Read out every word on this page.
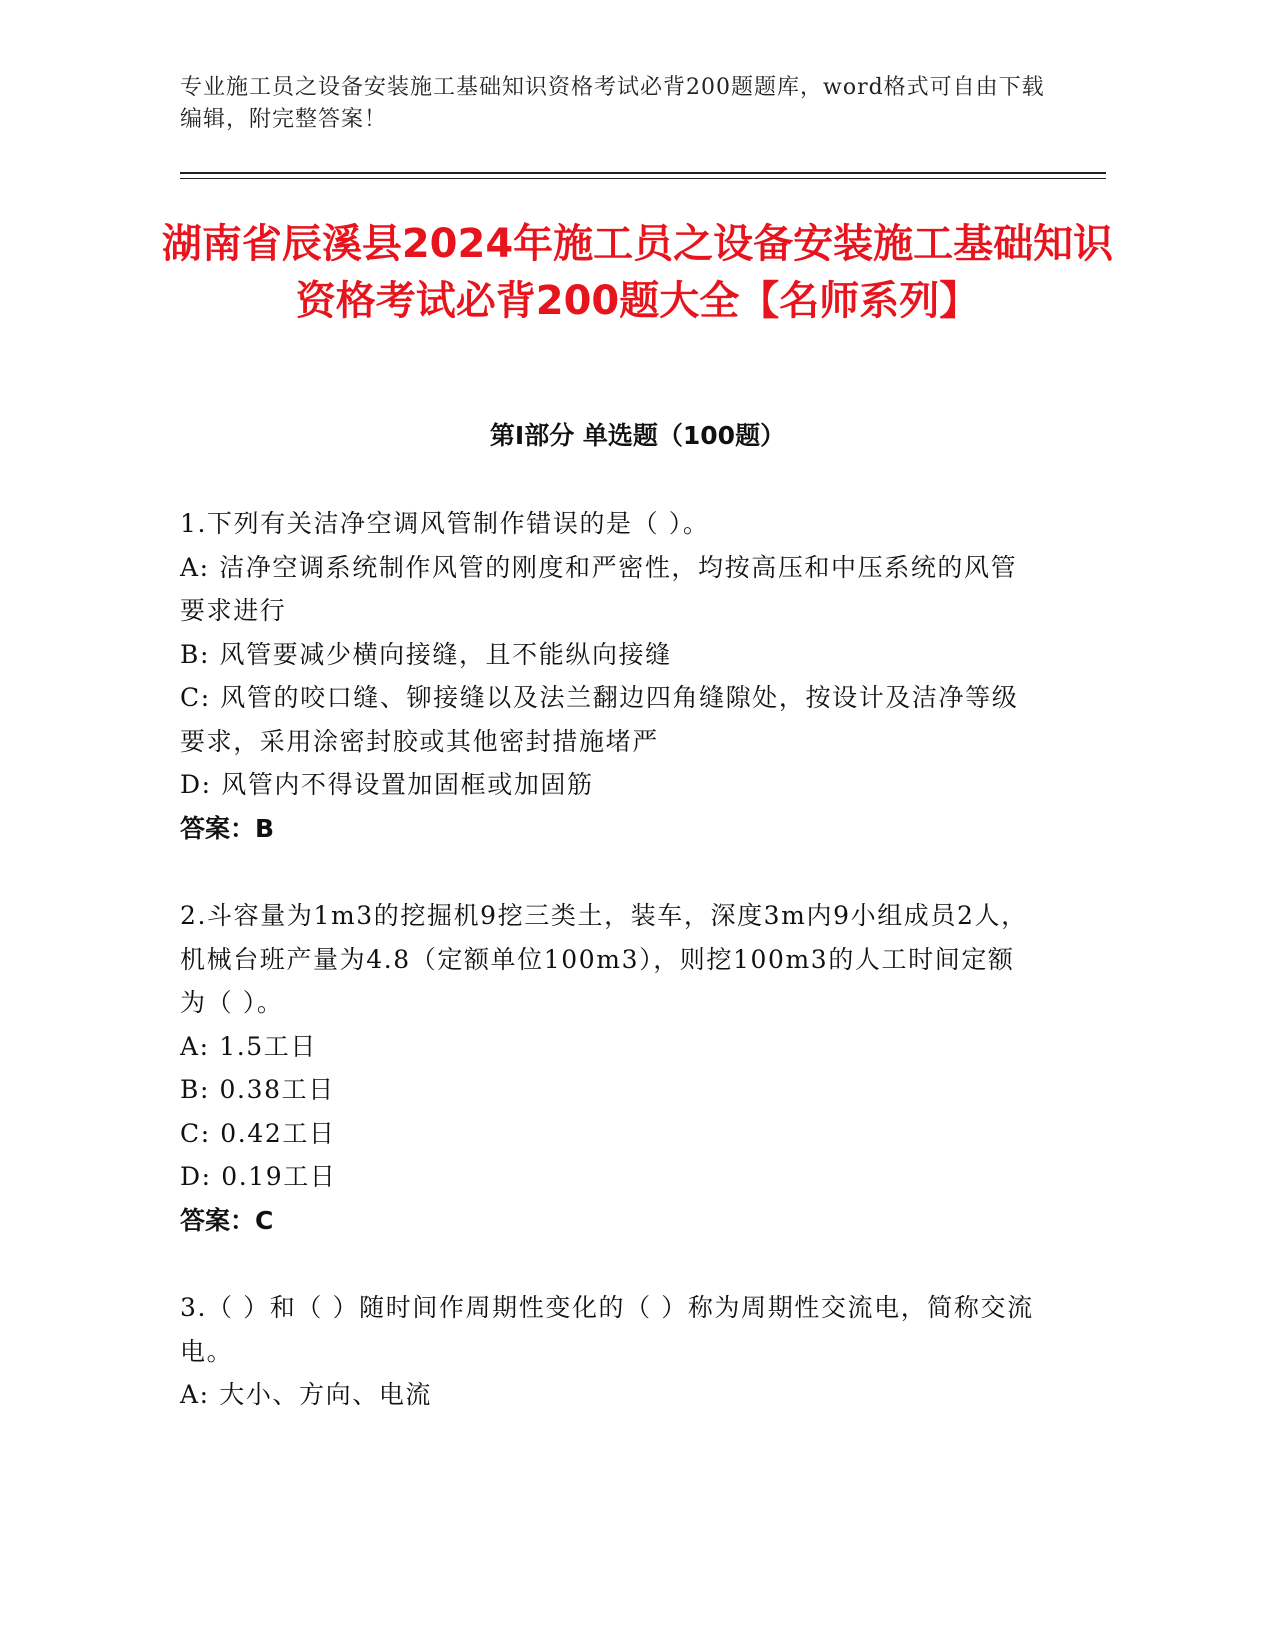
专业施工员之设备安装施工基础知识资格考试必背200题题库，word格式可自由下载编辑，附完整答案！
湖南省辰溪县2024年施工员之设备安装施工基础知识资格考试必背200题大全【名师系列】
第Ⅰ部分 单选题（100题）
1.下列有关洁净空调风管制作错误的是（ ）。
A: 洁净空调系统制作风管的刚度和严密性，均按高压和中压系统的风管要求进行
B: 风管要减少横向接缝，且不能纵向接缝
C: 风管的咬口缝、铆接缝以及法兰翻边四角缝隙处，按设计及洁净等级要求，采用涂密封胶或其他密封措施堵严
D: 风管内不得设置加固框或加固筋
答案：B
2.斗容量为1m3的挖掘机9挖三类土，装车，深度3m内9小组成员2人，机械台班产量为4.8（定额单位100m3），则挖100m3的人工时间定额为（ ）。
A: 1.5工日
B: 0.38工日
C: 0.42工日
D: 0.19工日
答案：C
3.（ ）和（ ）随时间作周期性变化的（ ）称为周期性交流电，简称交流电。
A: 大小、方向、电流
